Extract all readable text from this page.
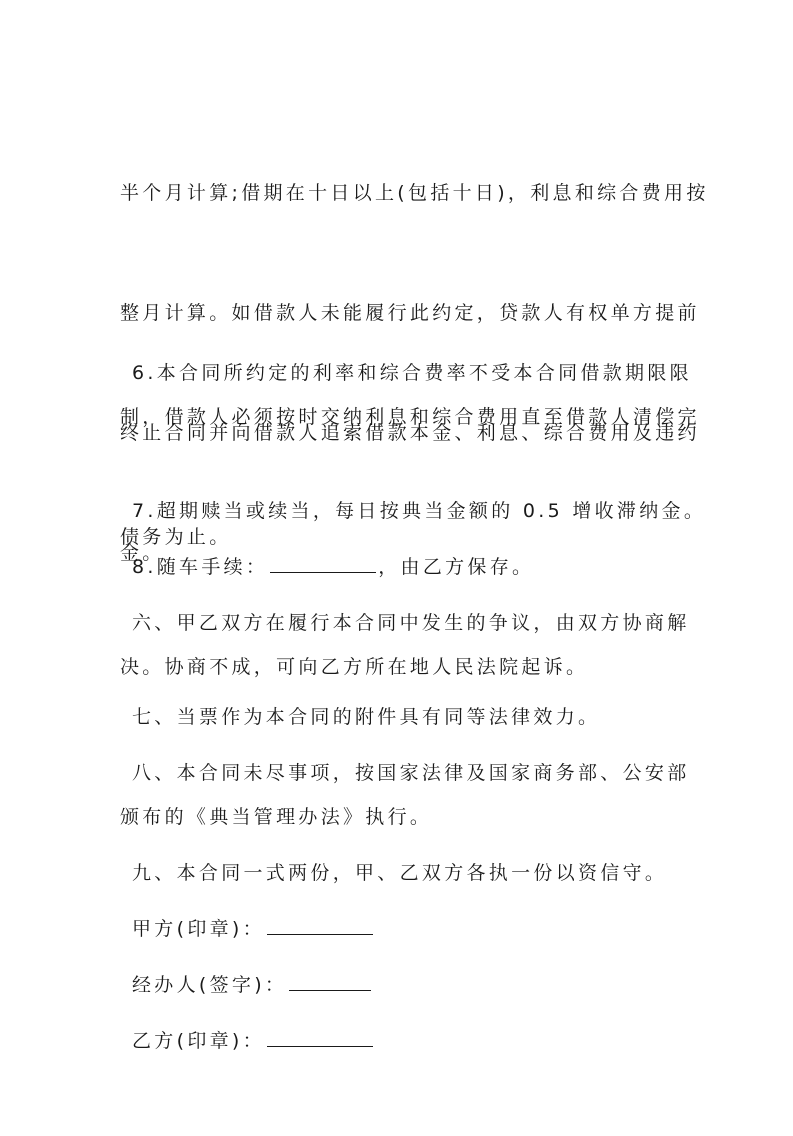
半个月计算;借期在十日以上(包括十日)，利息和综合费用按

整月计算。如借款人未能履行此约定，贷款人有权单方提前

终止合同并向借款人追索借款本金、利息、综合费用及违约

金。

6.本合同所约定的利率和综合费率不受本合同借款期限限

制，借款人必须按时交纳利息和综合费用直至借款人清偿完

债务为止。

7.超期赎当或续当，每日按典当金额的 0.5 增收滞纳金。

8.随车手续：	，由乙方保存。

六、甲乙双方在履行本合同中发生的争议，由双方协商解

决。协商不成，可向乙方所在地人民法院起诉。

七、当票作为本合同的附件具有同等法律效力。

八、本合同未尽事项，按国家法律及国家商务部、公安部

颁布的《典当管理办法》执行。

九、本合同一式两份，甲、乙双方各执一份以资信守。

甲方(印章)：

经办人(签字)：

乙方(印章)：
